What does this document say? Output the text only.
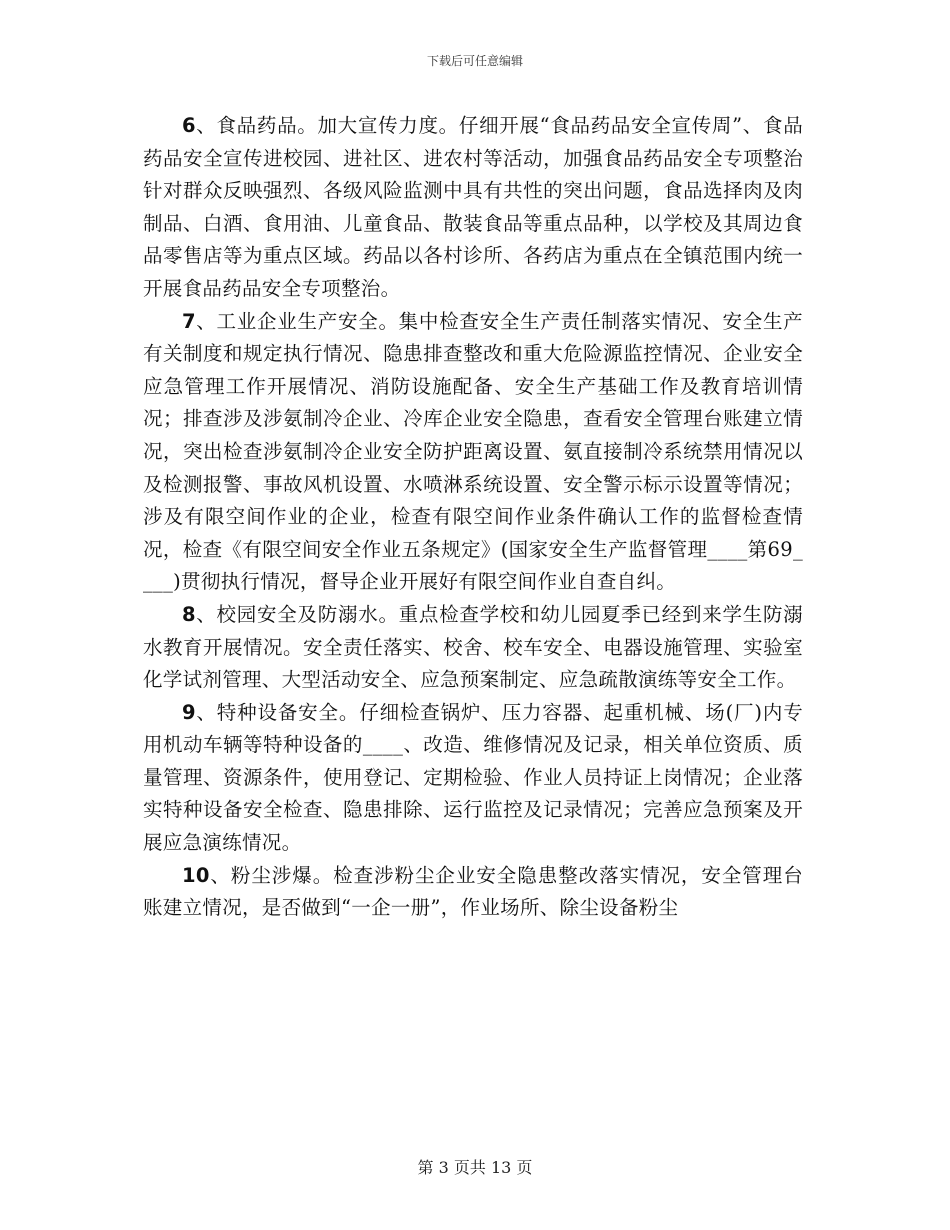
下载后可任意编辑

6、食品药品。加大宣传力度。仔细开展“食品药品安全宣传周”、食品药品安全宣传进校园、进社区、进农村等活动，加强食品药品安全专项整治针对群众反映强烈、各级风险监测中具有共性的突出问题，食品选择肉及肉制品、白酒、食用油、儿童食品、散装食品等重点品种，以学校及其周边食品零售店等为重点区域。药品以各村诊所、各药店为重点在全镇范围内统一开展食品药品安全专项整治。

7、工业企业生产安全。集中检查安全生产责任制落实情况、安全生产有关制度和规定执行情况、隐患排查整改和重大危险源监控情况、企业安全应急管理工作开展情况、消防设施配备、安全生产基础工作及教育培训情况；排查涉及涉氨制冷企业、冷库企业安全隐患，查看安全管理台账建立情况，突出检查涉氨制冷企业安全防护距离设置、氨直接制冷系统禁用情况以及检测报警、事故风机设置、水喷淋系统设置、安全警示标示设置等情况；涉及有限空间作业的企业，检查有限空间作业条件确认工作的监督检查情况，检查《有限空间安全作业五条规定》(国家安全生产监督管理____第69____)贯彻执行情况，督导企业开展好有限空间作业自查自纠。

8、校园安全及防溺水。重点检查学校和幼儿园夏季已经到来学生防溺水教育开展情况。安全责任落实、校舍、校车安全、电器设施管理、实验室化学试剂管理、大型活动安全、应急预案制定、应急疏散演练等安全工作。

9、特种设备安全。仔细检查锅炉、压力容器、起重机械、场(厂)内专用机动车辆等特种设备的____、改造、维修情况及记录，相关单位资质、质量管理、资源条件，使用登记、定期检验、作业人员持证上岗情况；企业落实特种设备安全检查、隐患排除、运行监控及记录情况；完善应急预案及开展应急演练情况。

10、粉尘涉爆。检查涉粉尘企业安全隐患整改落实情况，安全管理台账建立情况，是否做到“一企一册”，作业场所、除尘设备粉尘

第 3 页共 13 页
